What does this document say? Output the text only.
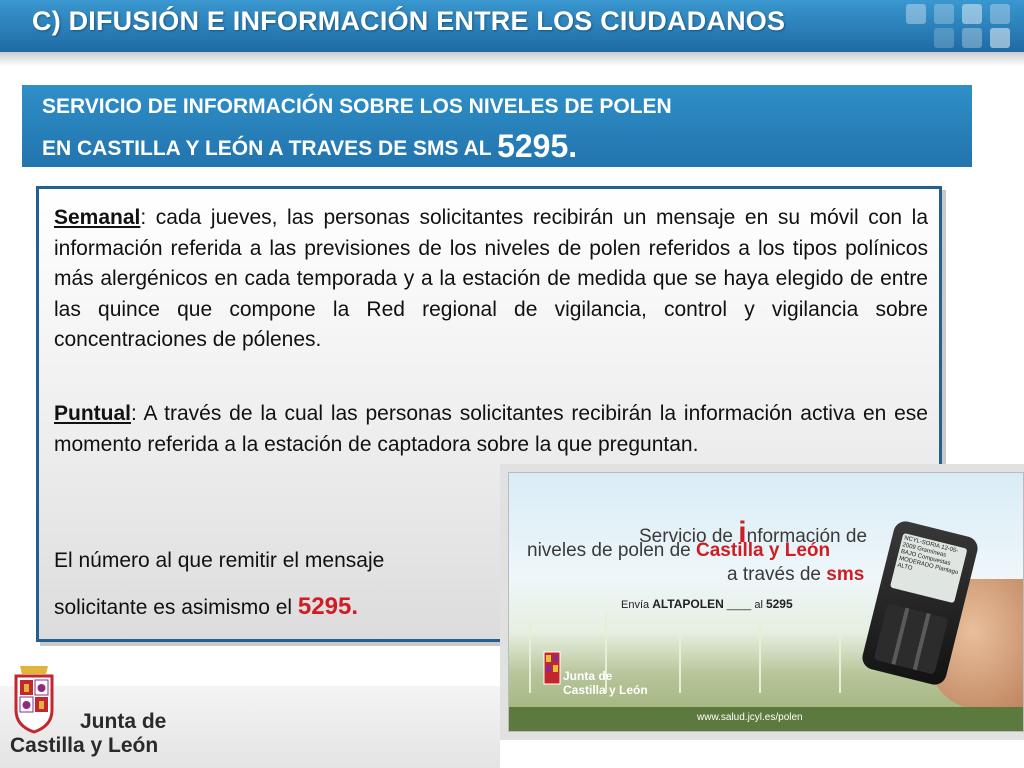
C) DIFUSIÓN E INFORMACIÓN ENTRE LOS CIUDADANOS
SERVICIO DE INFORMACIÓN SOBRE LOS NIVELES DE POLEN
EN CASTILLA Y LEÓN A TRAVES DE SMS AL 5295.
Semanal: cada jueves, las personas solicitantes recibirán un mensaje en su móvil con la información referida a las previsiones de los niveles de polen referidos a los tipos polínicos más alergénicos en cada temporada y a la estación de medida que se haya elegido de entre las quince que compone la Red regional de vigilancia, control y vigilancia sobre concentraciones de pólenes.
Puntual: A través de la cual las personas solicitantes recibirán la información activa en ese momento referida a la estación de captadora sobre la que preguntan.
El número al que remitir el mensaje
solicitante es asimismo el 5295.
Servicio de información de
niveles de polen de Castilla y León
a través de sms
Envía ALTAPOLEN ____ al 5295
Junta de
Castilla y León
NCYL-SORIA 12-05-2009 Gramíneas BAJO Compuestas MODERADO Plantago ALTO
www.salud.jcyl.es/polen
Junta de
Castilla y León
